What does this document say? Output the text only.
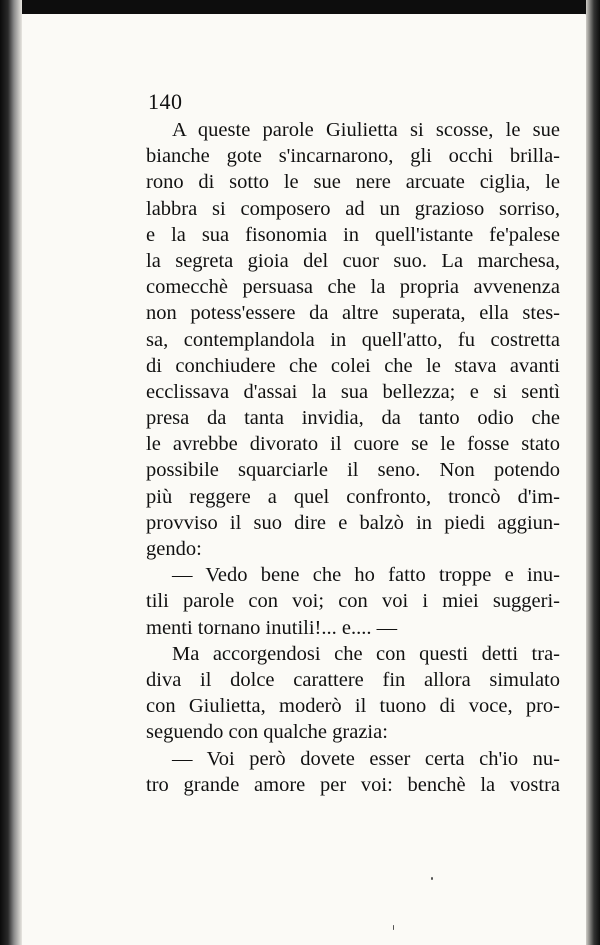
140
A queste parole Giulietta si scosse, le sue
bianche gote s'incarnarono, gli occhi brilla-
rono di sotto le sue nere arcuate ciglia, le
labbra si composero ad un grazioso sorriso,
e la sua fisonomia in quell'istante fe'palese
la segreta gioia del cuor suo. La marchesa,
comecchè persuasa che la propria avvenenza
non potess'essere da altre superata, ella stes-
sa, contemplandola in quell'atto, fu costretta
di conchiudere che colei che le stava avanti
ecclissava d'assai la sua bellezza; e si sentì
presa da tanta invidia, da tanto odio che
le avrebbe divorato il cuore se le fosse stato
possibile squarciarle il seno. Non potendo
più reggere a quel confronto, troncò d'im-
provviso il suo dire e balzò in piedi aggiun-
gendo:
— Vedo bene che ho fatto troppe e inu-
tili parole con voi; con voi i miei suggeri-
menti tornano inutili!... e.... —
Ma accorgendosi che con questi detti tra-
diva il dolce carattere fin allora simulato
con Giulietta, moderò il tuono di voce, pro-
seguendo con qualche grazia:
— Voi però dovete esser certa ch'io nu-
tro grande amore per voi: benchè la vostra
